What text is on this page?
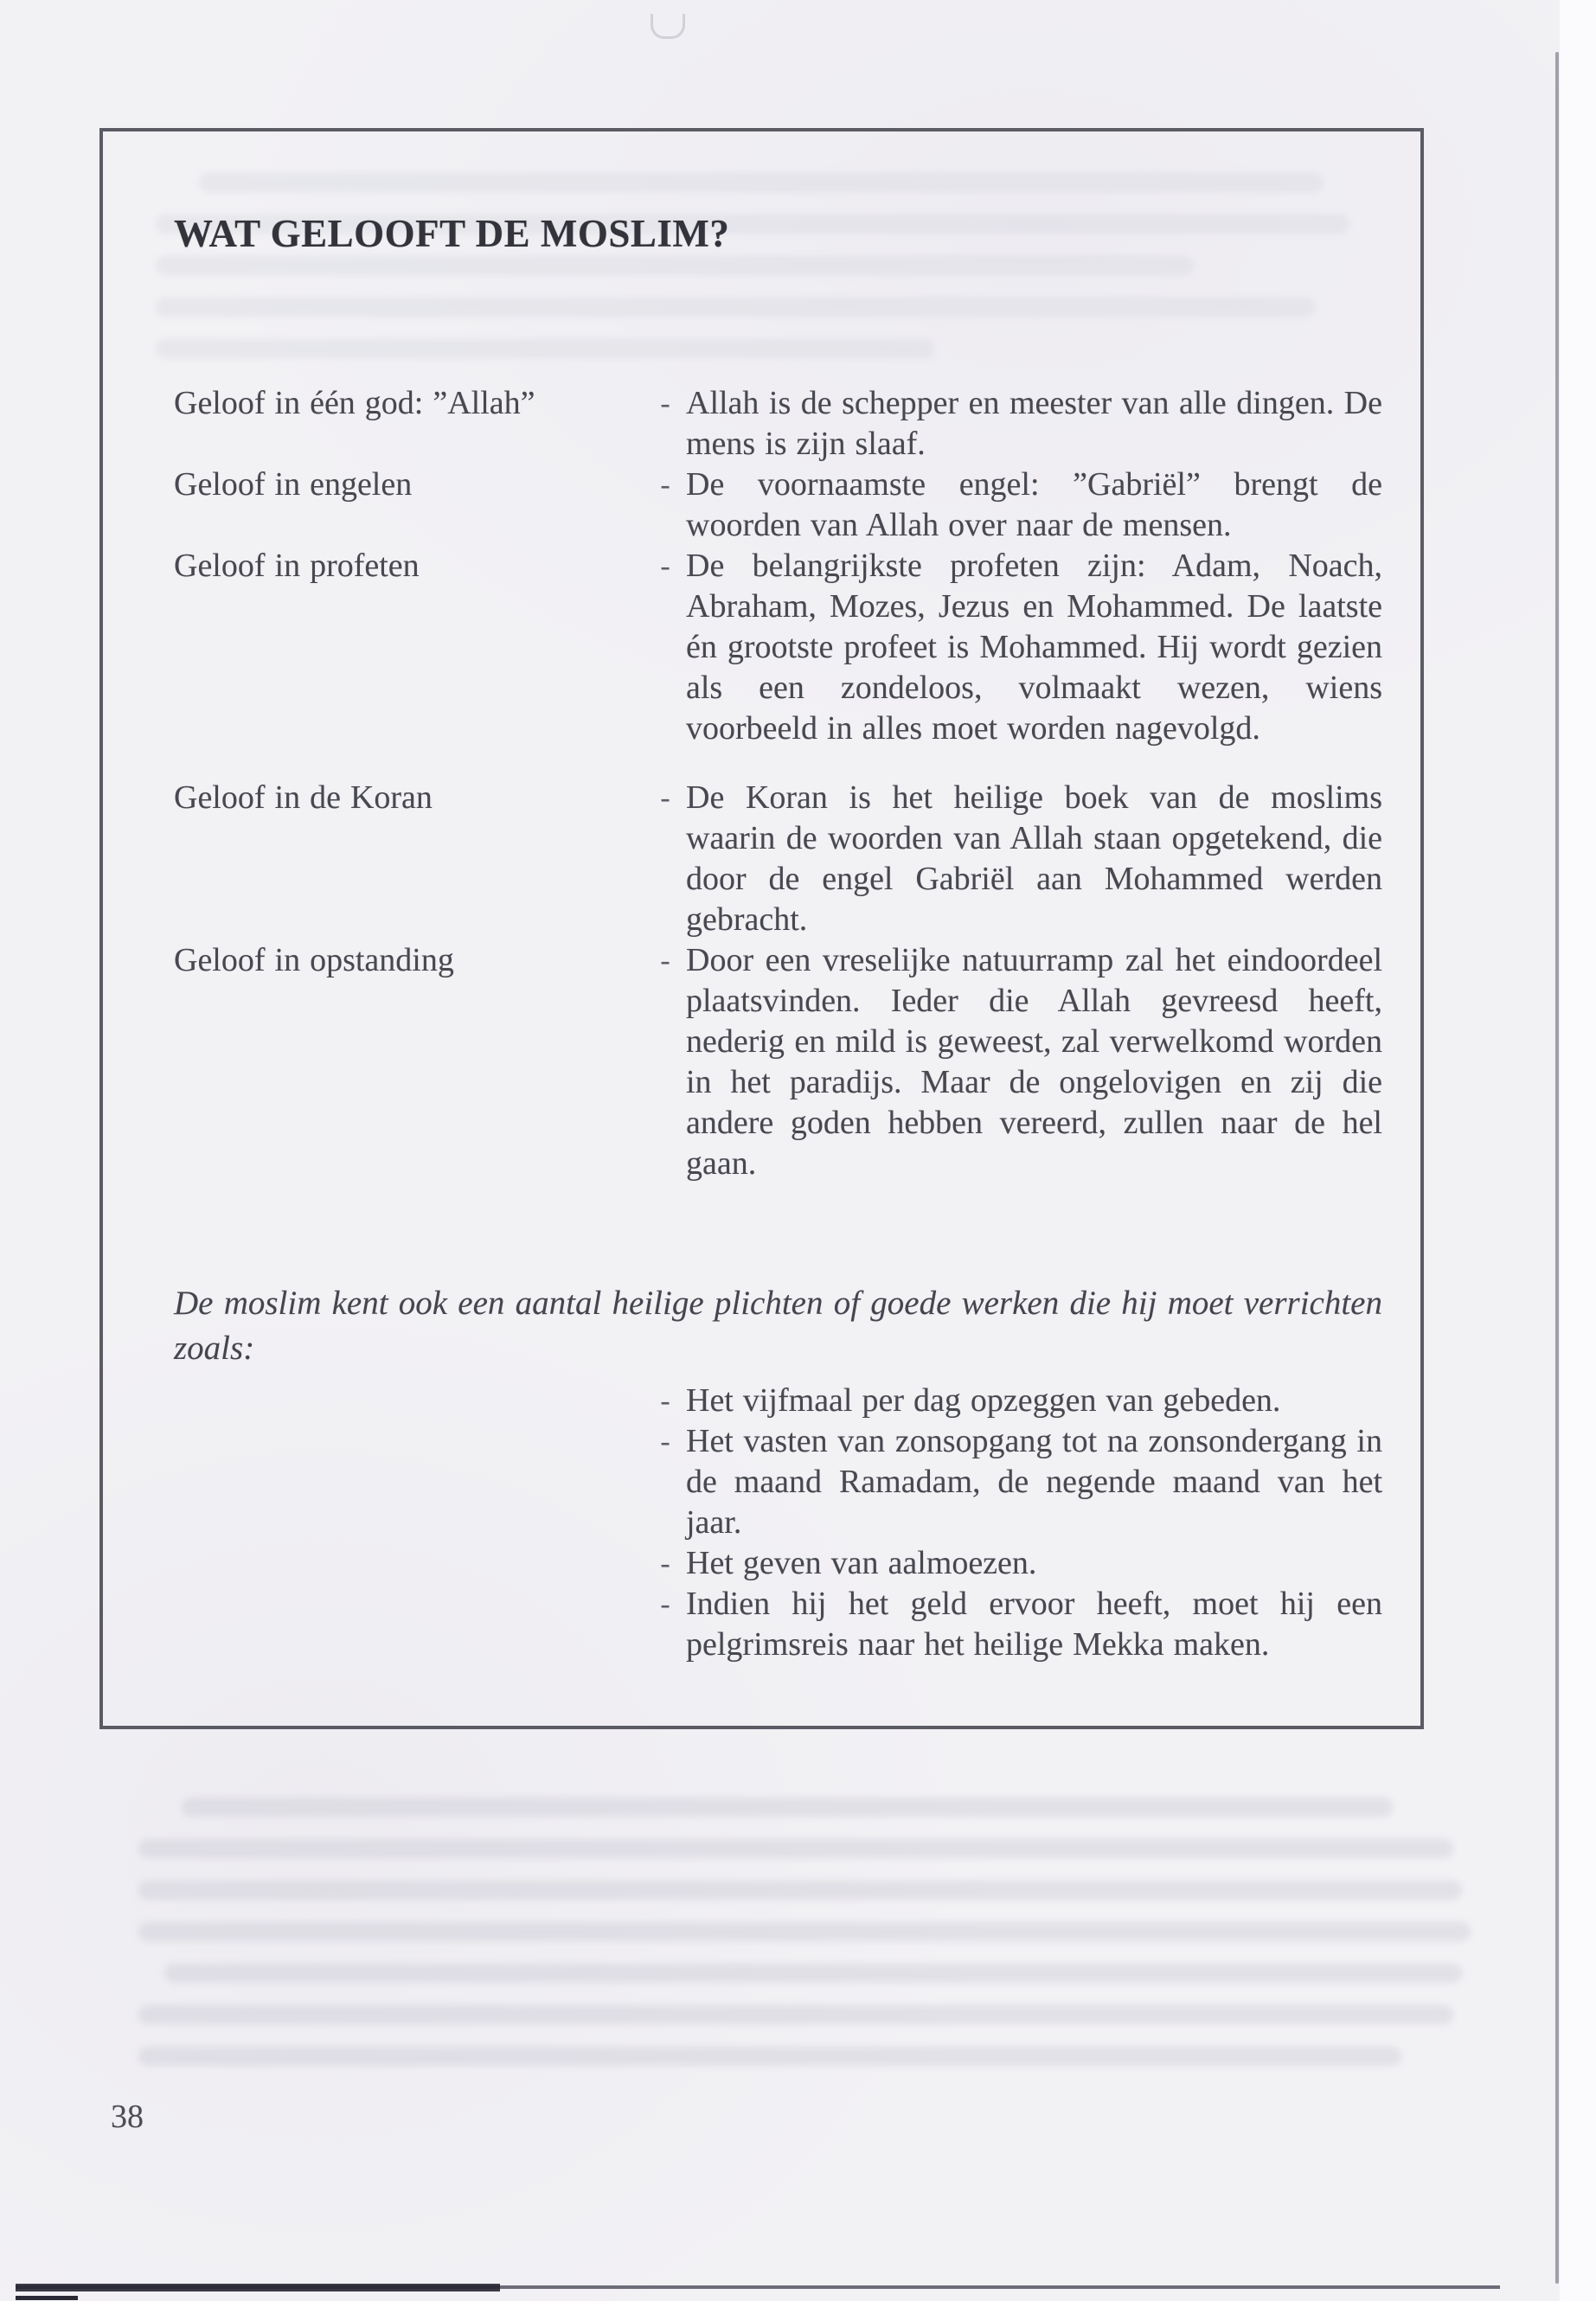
WAT GELOOFT DE MOSLIM?
Geloof in één god: ”Allah”	- Allah is de schepper en meester van alle dingen. De mens is zijn slaaf.
Geloof in engelen	- De voornaamste engel: ”Gabriël” brengt de woorden van Allah over naar de mensen.
Geloof in profeten	- De belangrijkste profeten zijn: Adam, Noach, Abraham, Mozes, Jezus en Mohammed. De laatste én grootste profeet is Mohammed. Hij wordt gezien als een zondeloos, volmaakt wezen, wiens voorbeeld in alles moet worden nagevolgd.
Geloof in de Koran	- De Koran is het heilige boek van de moslims waarin de woorden van Allah staan opgetekend, die door de engel Gabriël aan Mohammed werden gebracht.
Geloof in opstanding	- Door een vreselijke natuurramp zal het eindoordeel plaatsvinden. Ieder die Allah gevreesd heeft, nederig en mild is geweest, zal verwelkomd worden in het paradijs. Maar de ongelovigen en zij die andere goden hebben vereerd, zullen naar de hel gaan.

De moslim kent ook een aantal heilige plichten of goede werken die hij moet verrichten zoals:

- Het vijfmaal per dag opzeggen van gebeden.
- Het vasten van zonsopgang tot na zonsondergang in de maand Ramadam, de negende maand van het jaar.
- Het geven van aalmoezen.
- Indien hij het geld ervoor heeft, moet hij een pelgrimsreis naar het heilige Mekka maken.
38
